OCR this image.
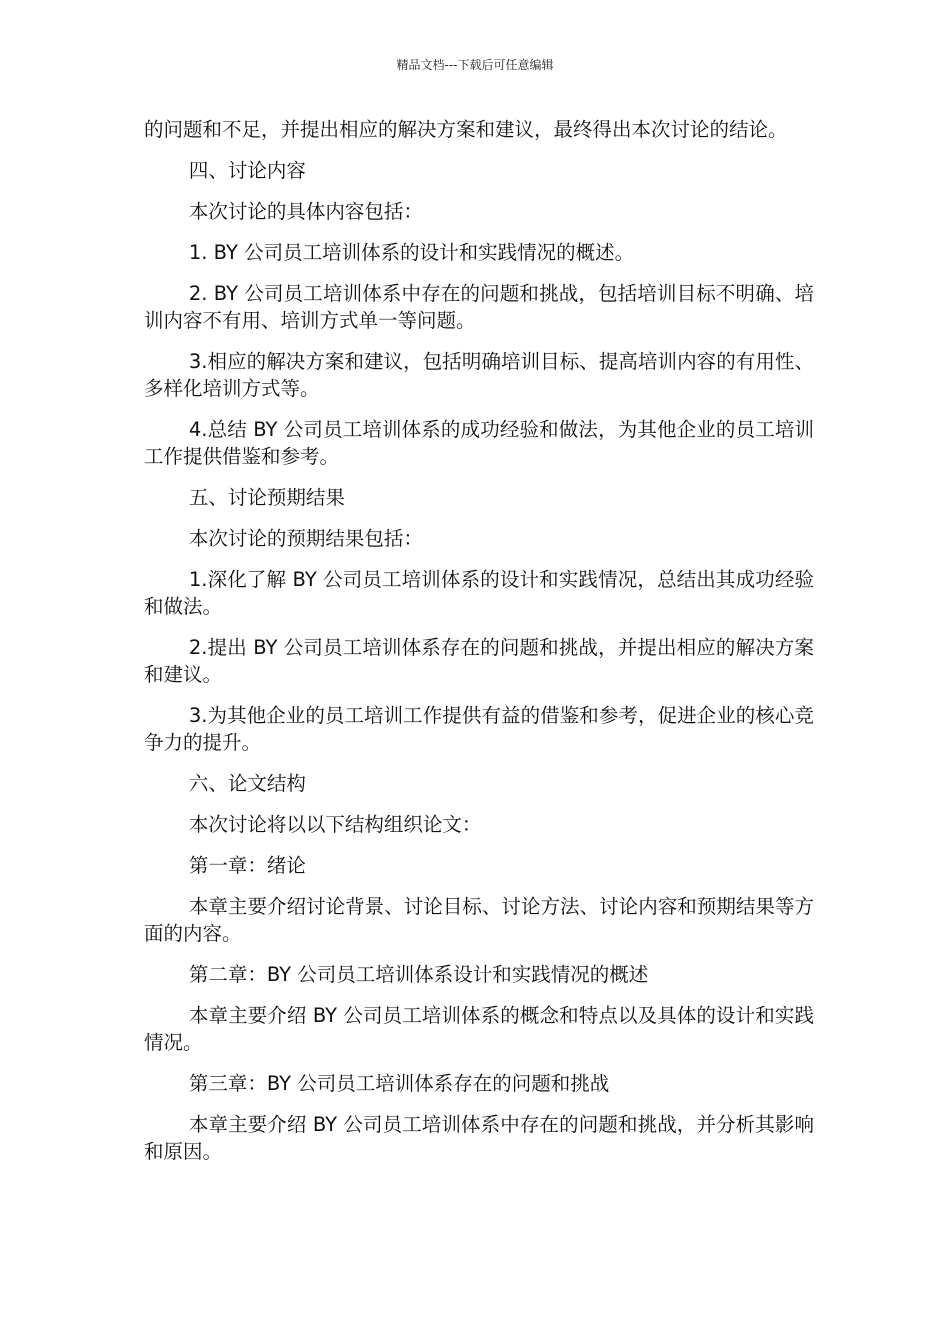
精品文档---下载后可任意编辑

的问题和不足，并提出相应的解决方案和建议，最终得出本次讨论的结论。

四、讨论内容

本次讨论的具体内容包括：

1. BY 公司员工培训体系的设计和实践情况的概述。

2. BY 公司员工培训体系中存在的问题和挑战，包括培训目标不明确、培训内容不有用、培训方式单一等问题。

3.相应的解决方案和建议，包括明确培训目标、提高培训内容的有用性、多样化培训方式等。

4.总结 BY 公司员工培训体系的成功经验和做法，为其他企业的员工培训工作提供借鉴和参考。

五、讨论预期结果

本次讨论的预期结果包括：

1.深化了解 BY 公司员工培训体系的设计和实践情况，总结出其成功经验和做法。

2.提出 BY 公司员工培训体系存在的问题和挑战，并提出相应的解决方案和建议。

3.为其他企业的员工培训工作提供有益的借鉴和参考，促进企业的核心竞争力的提升。

六、论文结构

本次讨论将以以下结构组织论文：

第一章：绪论

本章主要介绍讨论背景、讨论目标、讨论方法、讨论内容和预期结果等方面的内容。

第二章：BY 公司员工培训体系设计和实践情况的概述

本章主要介绍 BY 公司员工培训体系的概念和特点以及具体的设计和实践情况。

第三章：BY 公司员工培训体系存在的问题和挑战

本章主要介绍 BY 公司员工培训体系中存在的问题和挑战，并分析其影响和原因。
